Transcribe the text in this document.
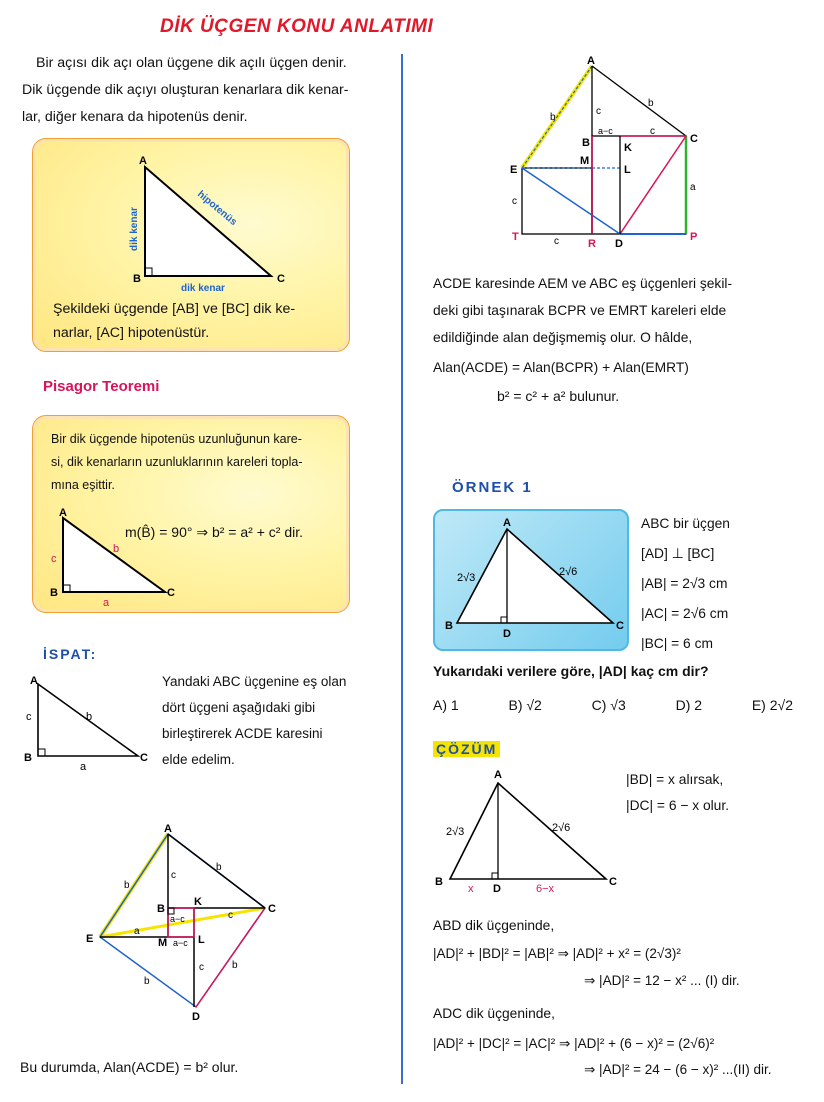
DİK ÜÇGEN KONU ANLATIMI
Bir açısı dik açı olan üçgene dik açılı üçgen denir.
Dik üçgende dik açıyı oluşturan kenarlara dik kenar-
lar, diğer kenara da hipotenüs denir.
A
B	C
dik kenar
dik kenar
hipotenüs
Şekildeki üçgende [AB] ve [BC] dik ke-
narlar, [AC] hipotenüstür.
Pisagor Teoremi
Bir dik üçgende hipotenüs uzunluğunun kare-
si, dik kenarların uzunluklarının kareleri topla-
mına eşittir.
A
B	C
c
b
a
m(B̂) = 90° ⇒ b² = a² + c² dir.
İSPAT:
A
B	C
c	b
a
Yandaki ABC üçgenine eş olan
dört üçgeni aşağıdaki gibi
birleştirerek ACDE karesini
elde edelim.
A
C
D
E
B
K
L
M
b
b
b
b
c
c
c
a
a−c
a−c
Bu durumda, Alan(ACDE) = b² olur.
A
B	C
D
E
K
L
M
P
R
T
c
b
b
a−c	c
a
c
c
ACDE karesinde AEM ve ABC eş üçgenleri şekil-
deki gibi taşınarak BCPR ve EMRT kareleri elde
edildiğinde alan değişmemiş olur. O hâlde,
Alan(ACDE) = Alan(BCPR) + Alan(EMRT)
b² = c² + a² bulunur.
ÖRNEK 1
A
B	C
D
2√3	2√6
ABC bir üçgen
[AD] ⊥ [BC]
|AB| = 2√3 cm
|AC| = 2√6 cm
|BC| = 6 cm
Yukarıdaki verilere göre, |AD| kaç cm dir?
A) 1	B) √2	C) √3	D) 2	E) 2√2
ÇÖZÜM
A
B	C
D
2√3	2√6
x	6−x
|BD| = x alırsak,
|DC| = 6 − x olur.
ABD dik üçgeninde,
|AD|² + |BD|² = |AB|² ⇒ |AD|² + x² = (2√3)²
⇒ |AD|² = 12 − x² ... (I) dir.
ADC dik üçgeninde,
|AD|² + |DC|² = |AC|² ⇒ |AD|² + (6 − x)² = (2√6)²
⇒ |AD|² = 24 − (6 − x)² ...(II) dir.
